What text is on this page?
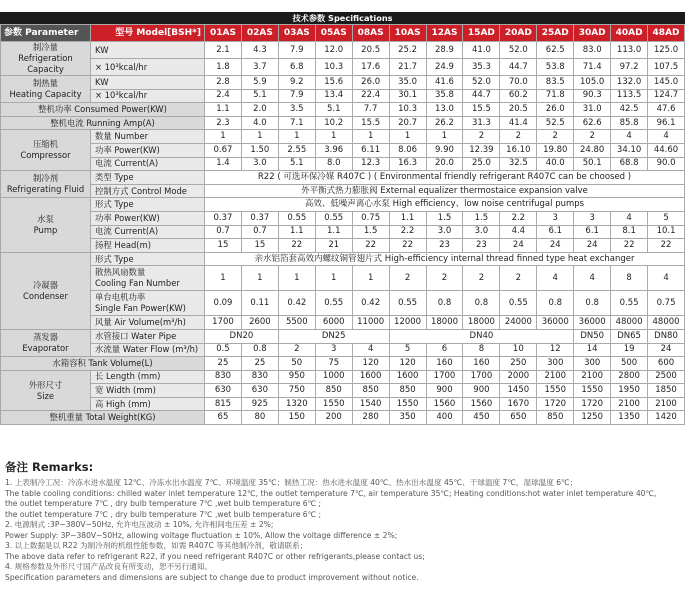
技术参数 Specifications
参数 Parameter	型号 Model[BSH*]	01AS	02AS	03AS	05AS	08AS	10AS	12AS	15AD	20AD	25AD	30AD	40AD	48AD
制冷量
Refrigeration Capacity	KW	2.1	4.3	7.9	12.0	20.5	25.2	28.9	41.0	52.0	62.5	83.0	113.0	125.0
	× 10³kcal/hr	1.8	3.7	6.8	10.3	17.6	21.7	24.9	35.3	44.7	53.8	71.4	97.2	107.5
制热量
Heating Capacity	KW	2.8	5.9	9.2	15.6	26.0	35.0	41.6	52.0	70.0	83.5	105.0	132.0	145.0
	× 10³kcal/hr	2.4	5.1	7.9	13.4	22.4	30.1	35.8	44.7	60.2	71.8	90.3	113.5	124.7
整机功率 Consumed Power(KW)		1.1	2.0	3.5	5.1	7.7	10.3	13.0	15.5	20.5	26.0	31.0	42.5	47.6
整机电流 Running Amp(A)		2.3	4.0	7.1	10.2	15.5	20.7	26.2	31.3	41.4	52.5	62.6	85.8	96.1
压缩机
Compressor	数量 Number	1	1	1	1	1	1	1	2	2	2	2	4	4
	功率 Power(KW)	0.67	1.50	2.55	3.96	6.11	8.06	9.90	12.39	16.10	19.80	24.80	34.10	44.60
	电流 Current(A)	1.4	3.0	5.1	8.0	12.3	16.3	20.0	25.0	32.5	40.0	50.1	68.8	90.0
制冷剂
Refrigerating Fluid	类型 Type	R22 ( 可选环保冷媒 R407C ) ( Environmental friendly refrigerant R407C can be choosed )												
	控制方式 Control Mode	外平衡式热力膨胀阀 External equalizer thermostaice expansion valve												
水泵
Pump	形式 Type	高效、低噪声离心水泵 High efficiency、low noise centrifugal pumps												
	功率 Power(KW)	0.37	0.37	0.55	0.55	0.75	1.1	1.5	1.5	2.2	3	3	4	5
	电流 Current(A)	0.7	0.7	1.1	1.1	1.5	2.2	3.0	3.0	4.4	6.1	6.1	8.1	10.1
	扬程 Head(m)	15	15	22	21	22	22	23	23	24	24	24	22	22
冷凝器
Condenser	形式 Type	亲水铝箔套高效内螺纹铜管翅片式 High-efficiency internal thread finned type heat exchanger												
	散热风扇数量
Cooling Fan Number	1	1	1	1	1	2	2	2	2	4	4	8	4
	单台电机功率
Single Fan Power(KW)	0.09	0.11	0.42	0.55	0.42	0.55	0.8	0.8	0.55	0.8	0.8	0.55	0.75
	风量 Air Volume(m³/h)	1700	2600	5500	6000	11000	12000	18000	18000	24000	36000	36000	48000	48000
蒸发器
Evaporator	水管接口 Water Pipe	DN20		DN25			DN40					DN50	DN65	DN80
	水流量 Water Flow (m³/h)	0.5	0.8	2	3	4	5	6	8	10	12	14	19	24
水箱容积 Tank Volume(L)		25	25	50	75	120	120	160	160	250	300	300	500	600
外形尺寸
Size	长 Length (mm)	830	830	950	1000	1600	1600	1700	1700	2000	2100	2100	2800	2500
	宽 Width (mm)	630	630	750	850	850	850	900	900	1450	1550	1550	1950	1850
	高 High (mm)	815	925	1320	1550	1540	1550	1560	1560	1670	1720	1720	2100	2100
整机重量 Total Weight(KG)		65	80	150	200	280	350	400	450	650	850	1250	1350	1420
备注 Remarks:
1. 上表制冷工况：冷冻水进水温度 12℃、冷冻水出水温度 7℃、环境温度 35℃；制热工况：热水进水温度 40℃、热水出水温度 45℃、干球温度 7℃，湿球温度 6℃；
The table cooling conditions: chilled water inlet temperature 12℃, the outlet temperature 7℃, air temperature 35℃; Heating conditions:hot water inlet temperature 40℃,
the outlet temperature 7℃ , dry bulb temperature 7℃ ,wet bulb temperature 6℃ ;
the outlet temperature 7℃ , dry bulb temperature 7℃ ,wet bulb temperature 6℃ ;
2. 电源制式 :3P~380V~50Hz, 允许电压波动 ± 10%, 允许相间电压差 ± 2%;
Power Supply: 3P~380V~50Hz, allowing voltage fluctuation ± 10%, Allow the voltage difference ± 2%;
3. 以上数据是以 R22 为制冷剂的机组性能参数，如需 R407C 等其他制冷剂，敬请联系；
The above data refer to refrigerant R22, if you need refrigerant R407C or other refrigerants,please contact us;
4. 规格参数及外形尺寸国产品改良有所变动，恕不另行通知。
Specification parameters and dimensions are subject to change due to product improvement without notice.
